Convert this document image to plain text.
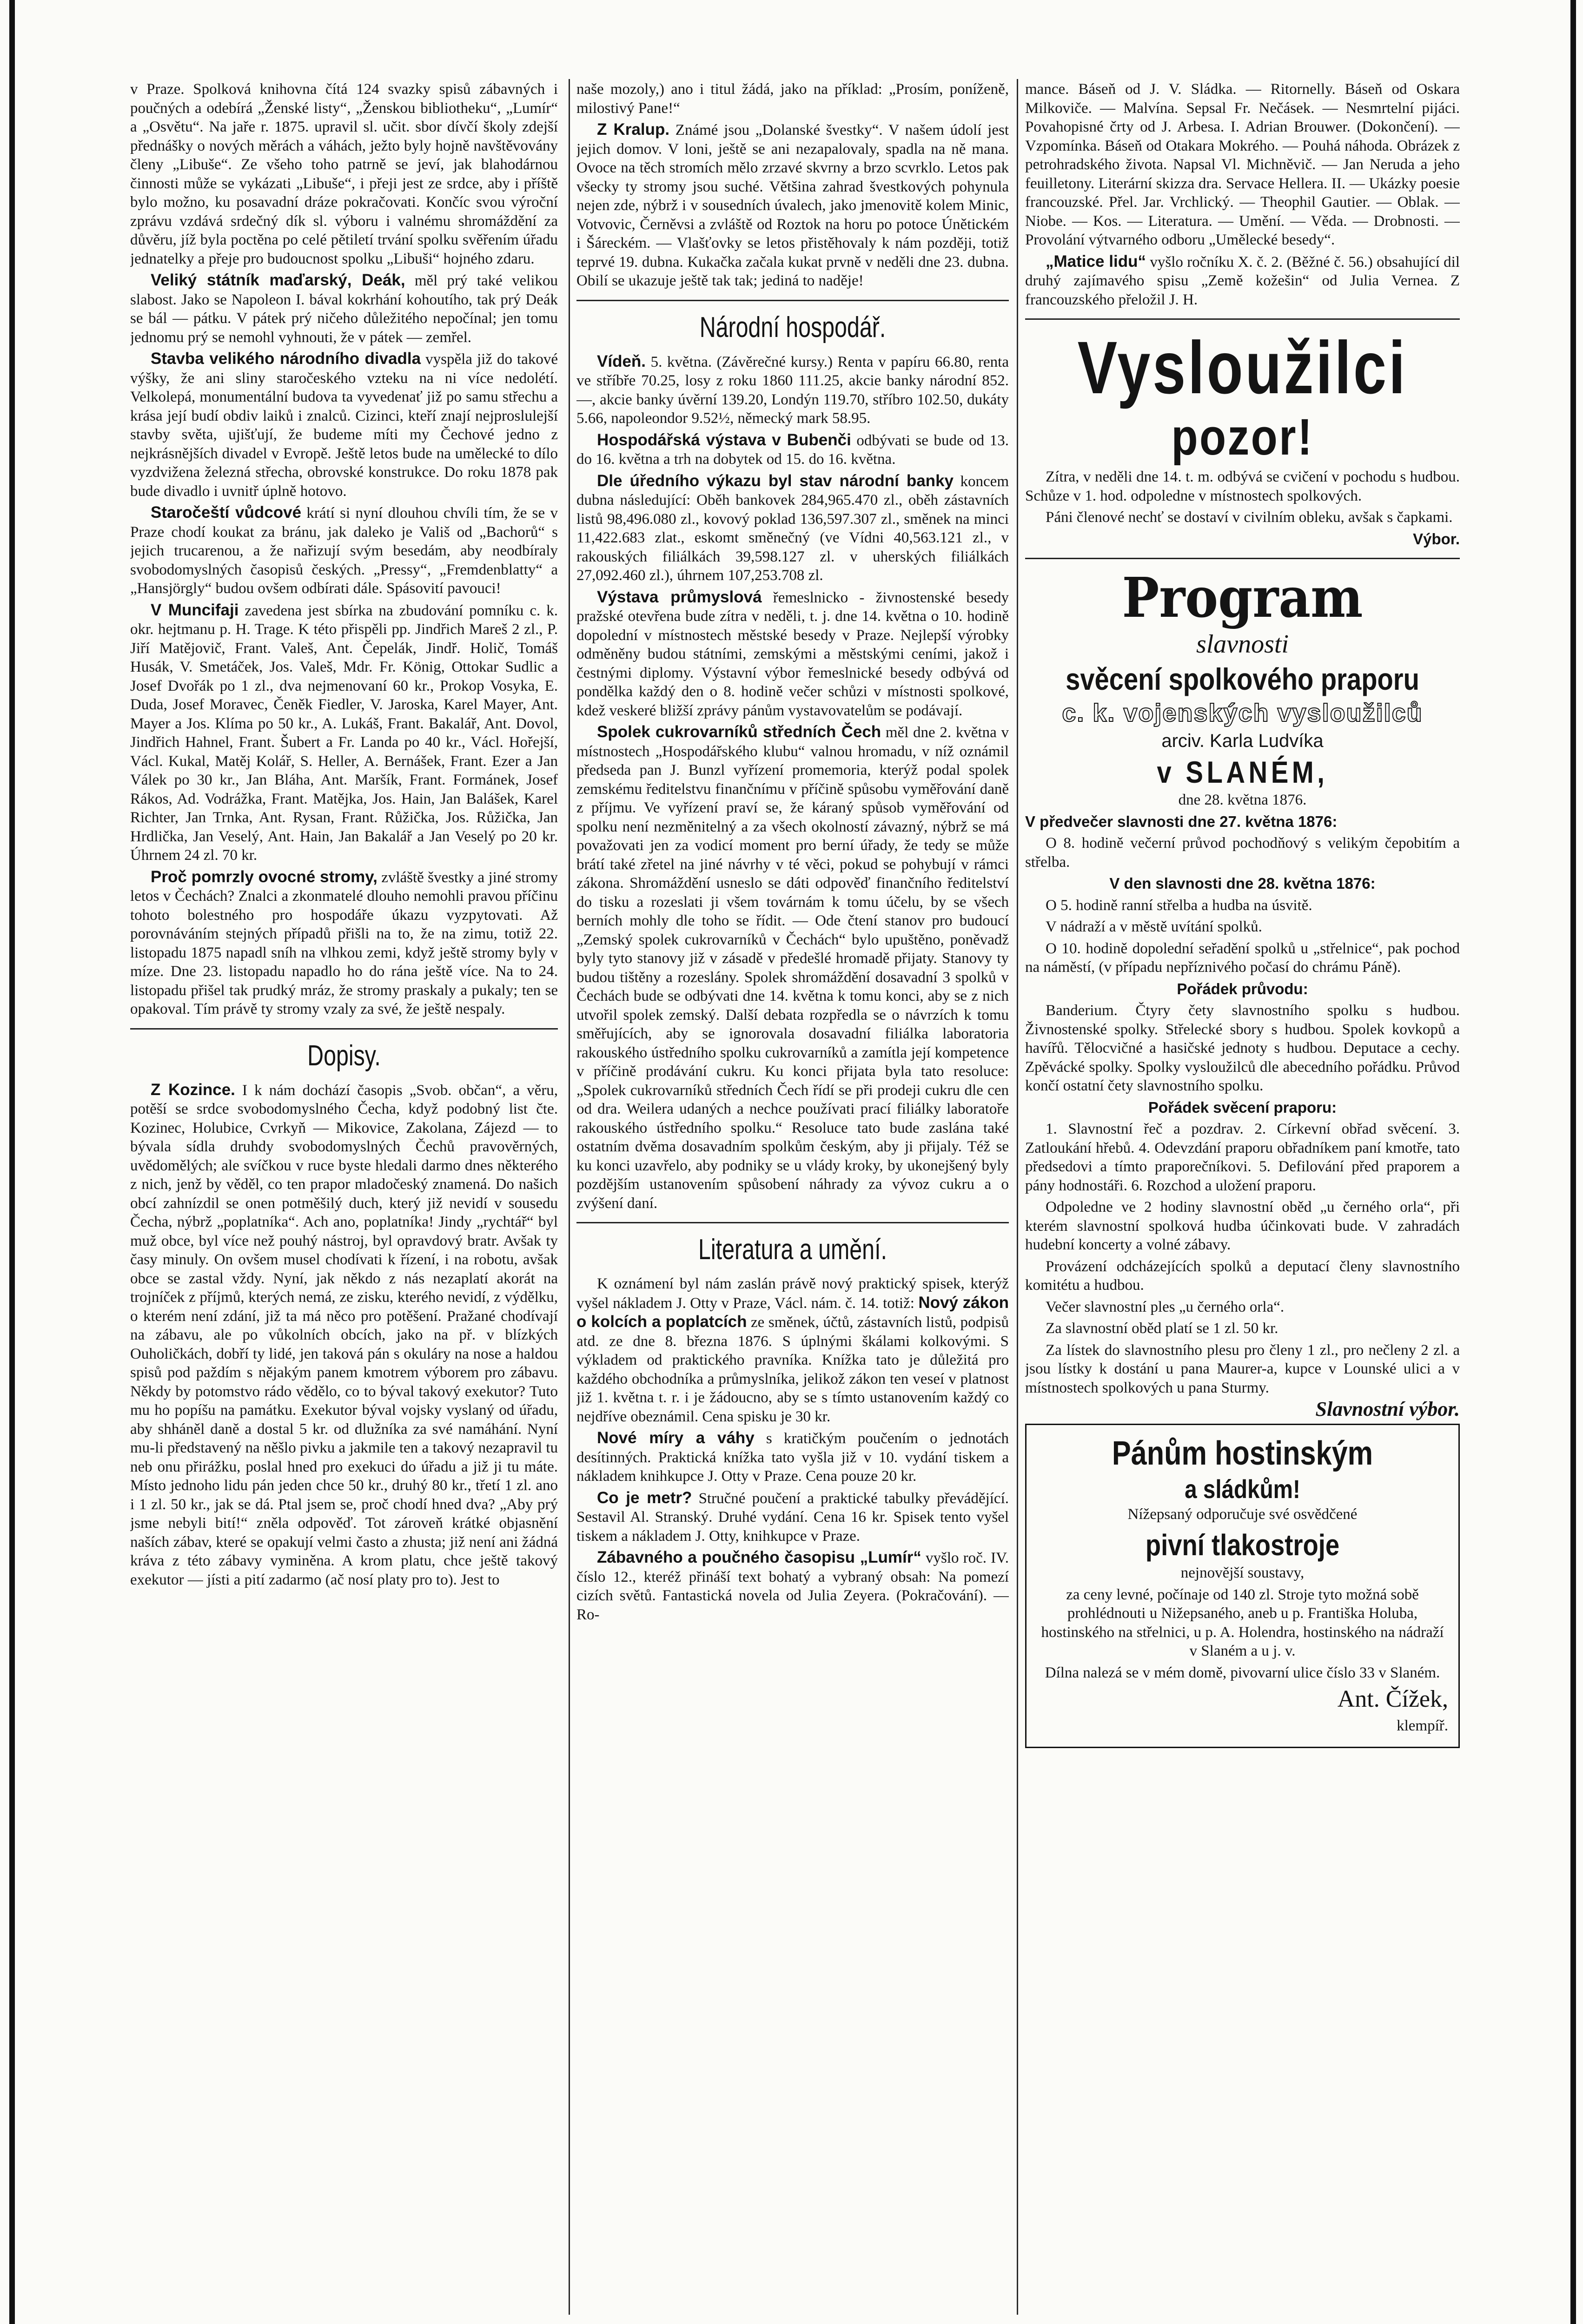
v Praze. Spolková knihovna čítá 124 svazky spisů zábavných i poučných a odebírá „Ženské listy“, „Ženskou bibliotheku“, „Lumír“ a „Osvětu“. Na jaře r. 1875. upravil sl. učit. sbor dívčí školy zdejší přednášky o nových měrách a váhách, ježto byly hojně navštěvovány členy „Libuše“. Ze všeho toho patrně se jeví, jak blahodárnou činnosti může se vykázati „Libuše“, i přeji jest ze srdce, aby i příště bylo možno, ku posavadní dráze pokračovati. Končíc svou výroční zprávu vzdává srdečný dík sl. výboru i valnému shromáždění za důvěru, jíž byla poctěna po celé pětiletí trvání spolku svěřením úřadu jednatelky a přeje pro budoucnost spolku „Libuši“ hojného zdaru.

Veliký státník maďarský, Deák, měl prý také velikou slabost. Jako se Napoleon I. bával kokrhání kohoutího, tak prý Deák se bál — pátku. V pátek prý ničeho důležitého nepočínal; jen tomu jednomu prý se nemohl vyhnouti, že v pátek — zemřel.

Stavba velikého národního divadla vyspěla již do takové výšky, že ani sliny staročeského vzteku na ni více nedolétí. Velkolepá, monumentální budova ta vyvedenať již po samu střechu a krása její budí obdiv laiků i znalců. Cizinci, kteří znají nejproslulejší stavby světa, ujišťují, že budeme míti my Čechové jedno z nejkrásnějších divadel v Evropě. Ještě letos bude na umělecké to dílo vyzdvižena železná střecha, obrovské konstrukce. Do roku 1878 pak bude divadlo i uvnitř úplně hotovo.

Staročeští vůdcové krátí si nyní dlouhou chvíli tím, že se v Praze chodí koukat za bránu, jak daleko je Vališ od „Bachorů“ s jejich trucarenou, a že nařizují svým besedám, aby neodbíraly svobodomyslných časopisů českých. „Pressy“, „Fremdenblatty“ a „Hansjörgly“ budou ovšem odbírati dále. Spásovití pavouci!

V Muncifaji zavedena jest sbírka na zbudování pomníku c. k. okr. hejtmanu p. H. Trage. K této přispěli pp. Jindřich Mareš 2 zl., P. Jiří Matějovič, Frant. Valeš, Ant. Čepelák, Jindř. Holič, Tomáš Husák, V. Smetáček, Jos. Valeš, Mdr. Fr. König, Ottokar Sudlic a Josef Dvořák po 1 zl., dva nejmenovaní 60 kr., Prokop Vosyka, E. Duda, Josef Moravec, Čeněk Fiedler, V. Jaroska, Karel Mayer, Ant. Mayer a Jos. Klíma po 50 kr., A. Lukáš, Frant. Bakalář, Ant. Dovol, Jindřich Hahnel, Frant. Šubert a Fr. Landa po 40 kr., Václ. Hořejší, Václ. Kukal, Matěj Kolář, S. Heller, A. Bernášek, Frant. Ezer a Jan Válek po 30 kr., Jan Bláha, Ant. Maršík, Frant. Formánek, Josef Rákos, Ad. Vodrážka, Frant. Matějka, Jos. Hain, Jan Balášek, Karel Richter, Jan Trnka, Ant. Rysan, Frant. Růžička, Jos. Růžička, Jan Hrdlička, Jan Veselý, Ant. Hain, Jan Bakalář a Jan Veselý po 20 kr. Úhrnem 24 zl. 70 kr.

Proč pomrzly ovocné stromy, zvláště švestky a jiné stromy letos v Čechách? Znalci a zkonmatelé dlouho nemohli pravou příčinu tohoto bolestného pro hospodáře úkazu vyzpytovati. Až porovnáváním stejných případů přišli na to, že na zimu, totiž 22. listopadu 1875 napadl sníh na vlhkou zemi, když ještě stromy byly v míze. Dne 23. listopadu napadlo ho do rána ještě více. Na to 24. listopadu přišel tak prudký mráz, že stromy praskaly a pukaly; ten se opakoval. Tím právě ty stromy vzaly za své, že ještě nespaly.

Dopisy.

Z Kozince. I k nám dochází časopis „Svob. občan“, a věru, potěší se srdce svobodomyslného Čecha, když podobný list čte. Kozinec, Holubice, Cvrkyň — Mikovice, Zakolana, Zájezd — to bývala sídla druhdy svobodomyslných Čechů pravověrných, uvědomělých; ale svíčkou v ruce byste hledali darmo dnes některého z nich, jenž by věděl, co ten prapor mladočeský znamená. Do našich obcí zahnízdil se onen potměšilý duch, který již nevidí v sousedu Čecha, nýbrž „poplatníka“. Ach ano, poplatníka! Jindy „rychtář“ byl muž obce, byl více než pouhý nástroj, byl opravdový bratr. Avšak ty časy minuly. On ovšem musel chodívati k řízení, i na robotu, avšak obce se zastal vždy. Nyní, jak někdo z nás nezaplatí akorát na trojníček z příjmů, kterých nemá, ze zisku, kterého nevidí, z výdělku, o kterém není zdání, již ta má něco pro potěšení. Pražané chodívají na zábavu, ale po vůkolních obcích, jako na př. v blízkých Ouholičkách, dobří ty lidé, jen taková pán s okuláry na nose a haldou spisů pod paždím s nějakým panem kmotrem výborem pro zábavu. Někdy by potomstvo rádo vědělo, co to býval takový exekutor? Tuto mu ho popíšu na památku. Exekutor býval vojsky vyslaný od úřadu, aby shháněl daně a dostal 5 kr. od dlužníka za své namáhání. Nyní mu-li představený na něšlo pivku a jakmile ten a takový nezapravil tu neb onu přirážku, poslal hned pro exekuci do úřadu a již ji tu máte. Místo jednoho lidu pán jeden chce 50 kr., druhý 80 kr., třetí 1 zl. ano i 1 zl. 50 kr., jak se dá. Ptal jsem se, proč chodí hned dva? „Aby prý jsme nebyli bití!“ zněla odpověď. Tot zároveň krátké objasnění naších zábav, které se opakují velmi často a zhusta; již není ani žádná kráva z této zábavy vyminěna. A krom platu, chce ještě takový exekutor — jísti a pití zadarmo (ač nosí platy pro to). Jest to

naše mozoly,) ano i titul žádá, jako na příklad: „Prosím, poníženě, milostivý Pane!“

Z Kralup. Známé jsou „Dolanské švestky“. V našem údolí jest jejich domov. V loni, ještě se ani nezapalovaly, spadla na ně mana. Ovoce na těch stromích mělo zrzavé skvrny a brzo scvrklo. Letos pak všecky ty stromy jsou suché. Většina zahrad švestkových pohynula nejen zde, nýbrž i v sousedních úvalech, jako jmenovitě kolem Minic, Votvovic, Černěvsi a zvláště od Roztok na horu po potoce Únětickém i Šáreckém. — Vlašťovky se letos přistěhovaly k nám později, totiž teprvé 19. dubna. Kukačka začala kukat prvně v neděli dne 23. dubna. Obilí se ukazuje ještě tak tak; jediná to naděje!

Národní hospodář.

Vídeň. 5. května. (Závěrečné kursy.) Renta v papíru 66.80, renta ve stříbře 70.25, losy z roku 1860 111.25, akcie banky národní 852.—, akcie banky úvěrní 139.20, Londýn 119.70, stříbro 102.50, dukáty 5.66, napoleondor 9.52½, německý mark 58.95.

Hospodářská výstava v Bubenči odbývati se bude od 13. do 16. května a trh na dobytek od 15. do 16. května.

Dle úředního výkazu byl stav národní banky koncem dubna následující: Oběh bankovek 284,965.470 zl., oběh zástavních listů 98,496.080 zl., kovový poklad 136,597.307 zl., směnek na minci 11,422.683 zlat., eskomt směnečný (ve Vídni 40,563.121 zl., v rakouských filiálkách 39,598.127 zl. v uherských filiálkách 27,092.460 zl.), úhrnem 107,253.708 zl.

Výstava průmyslová řemeslnicko - živnostenské besedy pražské otevřena bude zítra v neděli, t. j. dne 14. května o 10. hodině dopolední v místnostech městské besedy v Praze. Nejlepší výrobky odměněny budou státními, zemskými a městskými ceními, jakož i čestnými diplomy. Výstavní výbor řemeslnické besedy odbývá od pondělka každý den o 8. hodině večer schůzi v místnosti spolkové, kdež veskeré bližší zprávy pánům vystavovatelům se podávají.

Spolek cukrovarníků středních Čech měl dne 2. května v místnostech „Hospodářského klubu“ valnou hromadu, v níž oznámil předseda pan J. Bunzl vyřízení promemoria, kterýž podal spolek zemskému ředitelstvu finančnímu v příčině spůsobu vyměřování daně z příjmu. Ve vyřízení praví se, že káraný spůsob vyměřování od spolku není nezměnitelný a za všech okolností závazný, nýbrž se má považovati jen za vodicí moment pro berní úřady, že tedy se může brátí také zřetel na jiné návrhy v té věci, pokud se pohybují v rámci zákona. Shromáždění usneslo se dáti odpověď finančního ředitelství do tisku a rozeslati ji všem továrnám k tomu účelu, by se všech berních mohly dle toho se řídit. — Ode čtení stanov pro budoucí „Zemský spolek cukrovarníků v Čechách“ bylo upuštěno, poněvadž byly tyto stanovy již v zásadě v předešlé hromadě přijaty. Stanovy ty budou tištěny a rozeslány. Spolek shromáždění dosavadní 3 spolků v Čechách bude se odbývati dne 14. května k tomu konci, aby se z nich utvořil spolek zemský. Další debata rozpředla se o návrzích k tomu směřujících, aby se ignorovala dosavadní filiálka laboratoria rakouského ústředního spolku cukrovarníků a zamítla její kompetence v příčině prodávání cukru. Ku konci přijata byla tato resoluce: „Spolek cukrovarníků středních Čech řídí se při prodeji cukru dle cen od dra. Weilera udaných a nechce používati prací filiálky laboratoře rakouského ústředního spolku.“ Resoluce tato bude zaslána také ostatním dvěma dosavadním spolkům českým, aby ji přijaly. Též se ku konci uzavřelo, aby podniky se u vlády kroky, by ukonejšený byly pozdějším ustanovením spůsobení náhrady za vývoz cukru a o zvýšení daní.

Literatura a umění.

K oznámení byl nám zaslán právě nový praktický spisek, kterýž vyšel nákladem J. Otty v Praze, Václ. nám. č. 14. totiž: Nový zákon o kolcích a poplatcích ze směnek, účtů, zástavních listů, podpisů atd. ze dne 8. března 1876. S úplnými škálami kolkovými. S výkladem od praktického pravníka. Knížka tato je důležitá pro každého obchodníka a průmyslníka, jelikož zákon ten veseí v platnost již 1. května t. r. i je žádoucno, aby se s tímto ustanovením každý co nejdříve obeznámil. Cena spisku je 30 kr.

Nové míry a váhy s kratičkým poučením o jednotách desítinných. Praktická knížka tato vyšla již v 10. vydání tiskem a nákladem knihkupce J. Otty v Praze. Cena pouze 20 kr.

Co je metr? Stručné poučení a praktické tabulky převádějící. Sestavil Al. Stranský. Druhé vydání. Cena 16 kr. Spisek tento vyšel tiskem a nákladem J. Otty, knihkupce v Praze.

Zábavného a poučného časopisu „Lumír“ vyšlo roč. IV. číslo 12., kteréž přináší text bohatý a vybraný obsah: Na pomezí cizích světů. Fantastická novela od Julia Zeyera. (Pokračování). — Ro-

mance. Báseň od J. V. Sládka. — Ritornelly. Báseň od Oskara Milkoviče. — Malvína. Sepsal Fr. Nečásek. — Nesmrtelní pijáci. Povahopisné črty od J. Arbesa. I. Adrian Brouwer. (Dokončení). — Vzpomínka. Báseň od Otakara Mokrého. — Pouhá náhoda. Obrázek z petrohradského života. Napsal Vl. Michněvič. — Jan Neruda a jeho feuilletony. Literární skizza dra. Servace Hellera. II. — Ukázky poesie francouzské. Přel. Jar. Vrchlický. — Theophil Gautier. — Oblak. — Niobe. — Kos. — Literatura. — Umění. — Věda. — Drobnosti. — Provolání výtvarného odboru „Umělecké besedy“.

„Matice lidu“ vyšlo ročníku X. č. 2. (Běžné č. 56.) obsahující dil druhý zajímavého spisu „Země kožešin“ od Julia Vernea. Z francouzského přeložil J. H.

Vysloužilci
pozor!

Zítra, v neděli dne 14. t. m. odbývá se cvičení v pochodu s hudbou. Schůze v 1. hod. odpoledne v místnostech spolkových.

Páni členové nechť se dostaví v civilním obleku, avšak s čapkami.

Výbor.

Program
slavnosti
svěcení spolkového praporu
c. k. vojenských vysloužilců
arciv. Karla Ludvíka
v SLANÉM,

dne 28. května 1876.

V předvečer slavnosti dne 27. května 1876:

O 8. hodině večerní průvod pochodňový s velikým čepobitím a střelba.

V den slavnosti dne 28. května 1876:

O 5. hodině ranní střelba a hudba na úsvitě.

V nádraží a v městě uvítání spolků.

O 10. hodině dopolední seřadění spolků u „střelnice“, pak pochod na náměstí, (v případu nepříznivého počasí do chrámu Páně).

Pořádek průvodu:

Banderium. Čtyry čety slavnostního spolku s hudbou. Živnostenské spolky. Střelecké sbory s hudbou. Spolek kovkopů a havířů. Tělocvičné a hasičské jednoty s hudbou. Deputace a cechy. Zpěvácké spolky. Spolky vysloužilců dle abecedního pořádku. Průvod končí ostatní čety slavnostního spolku.

Pořádek svěcení praporu:

1. Slavnostní řeč a pozdrav. 2. Církevní obřad svěcení. 3. Zatloukání hřebů. 4. Odevzdání praporu obřadníkem paní kmotře, tato předsedovi a tímto praporečníkovi. 5. Defilování před praporem a pány hodnostáři. 6. Rozchod a uložení praporu.

Odpoledne ve 2 hodiny slavnostní oběd „u černého orla“, při kterém slavnostní spolková hudba účinkovati bude. V zahradách hudební koncerty a volné zábavy.

Provázení odcházejících spolků a deputací členy slavnostního komitétu a hudbou.

Večer slavnostní ples „u černého orla“.

Za slavnostní oběd platí se 1 zl. 50 kr.

Za lístek do slavnostního plesu pro členy 1 zl., pro nečleny 2 zl. a jsou lístky k dostání u pana Maurer-a, kupce v Lounské ulici a v místnostech spolkových u pana Sturmy.

Slavnostní výbor.

Pánům hostinským
a sládkům!

Nížepsaný odporučuje své osvědčené

pivní tlakostroje

nejnovější soustavy,

za ceny levné, počínaje od 140 zl. Stroje tyto možná sobě prohlédnouti u Nižepsaného, aneb u p. Františka Holuba, hostinského na střelnici, u p. A. Holendra, hostinského na nádraží v Slaném a u j. v.

Dílna nalezá se v mém domě, pivovarní ulice číslo 33 v Slaném.

Ant. Čížek,

klempíř.
